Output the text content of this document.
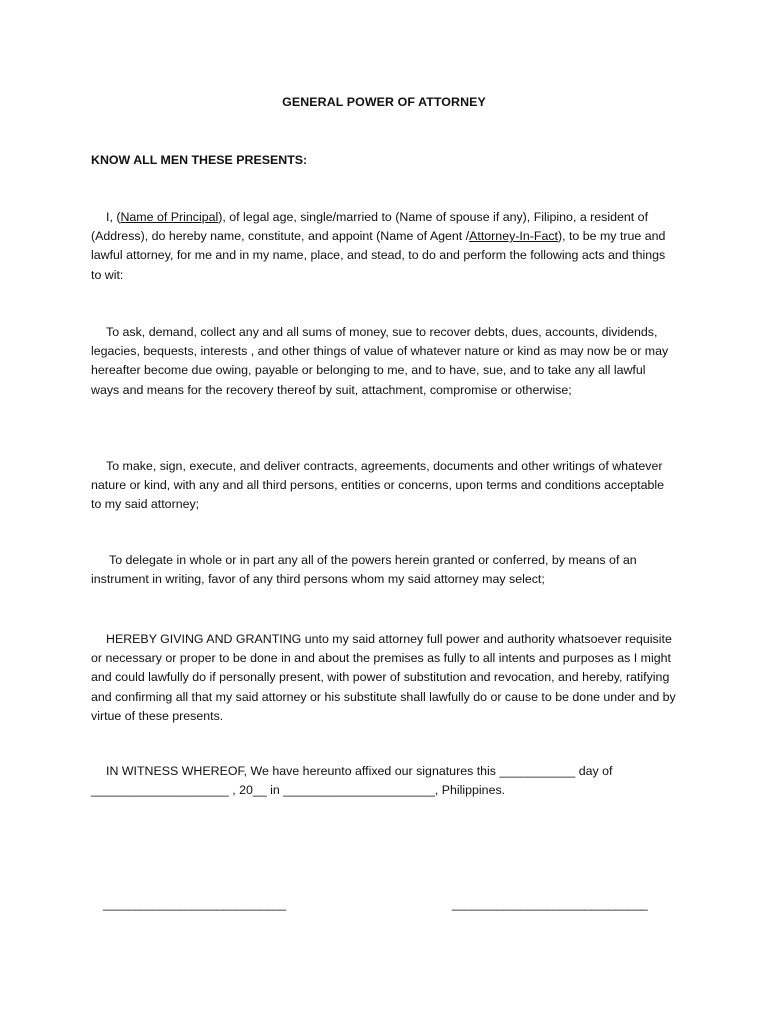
GENERAL POWER OF ATTORNEY
KNOW ALL MEN THESE PRESENTS:

I, (Name of Principal), of legal age, single/married to (Name of spouse if any), Filipino, a resident of (Address), do hereby name, constitute, and appoint (Name of Agent /Attorney-In-Fact), to be my true and lawful attorney, for me and in my name, place, and stead, to do and perform the following acts and things to wit:

To ask, demand, collect any and all sums of money, sue to recover debts, dues, accounts, dividends, legacies, bequests, interests , and other things of value of whatever nature or kind as may now be or may hereafter become due owing, payable or belonging to me, and to have, sue, and to take any all lawful ways and means for the recovery thereof by suit, attachment, compromise or otherwise;

To make, sign, execute, and deliver contracts, agreements, documents and other writings of whatever nature or kind, with any and all third persons, entities or concerns, upon terms and conditions acceptable to my said attorney;

To delegate in whole or in part any all of the powers herein granted or conferred, by means of an instrument in writing, favor of any third persons whom my said attorney may select;

HEREBY GIVING AND GRANTING unto my said attorney full power and authority whatsoever requisite or necessary or proper to be done in and about the premises as fully to all intents and purposes as I might and could lawfully do if personally present, with power of substitution and revocation, and hereby, ratifying and confirming all that my said attorney or his substitute shall lawfully do or cause to be done under and by virtue of these presents.

IN WITNESS WHEREOF, We have hereunto affixed our signatures this ___________ day of ____________________ , 20__ in ______________________, Philippines.

_____________________________	_______________________________
